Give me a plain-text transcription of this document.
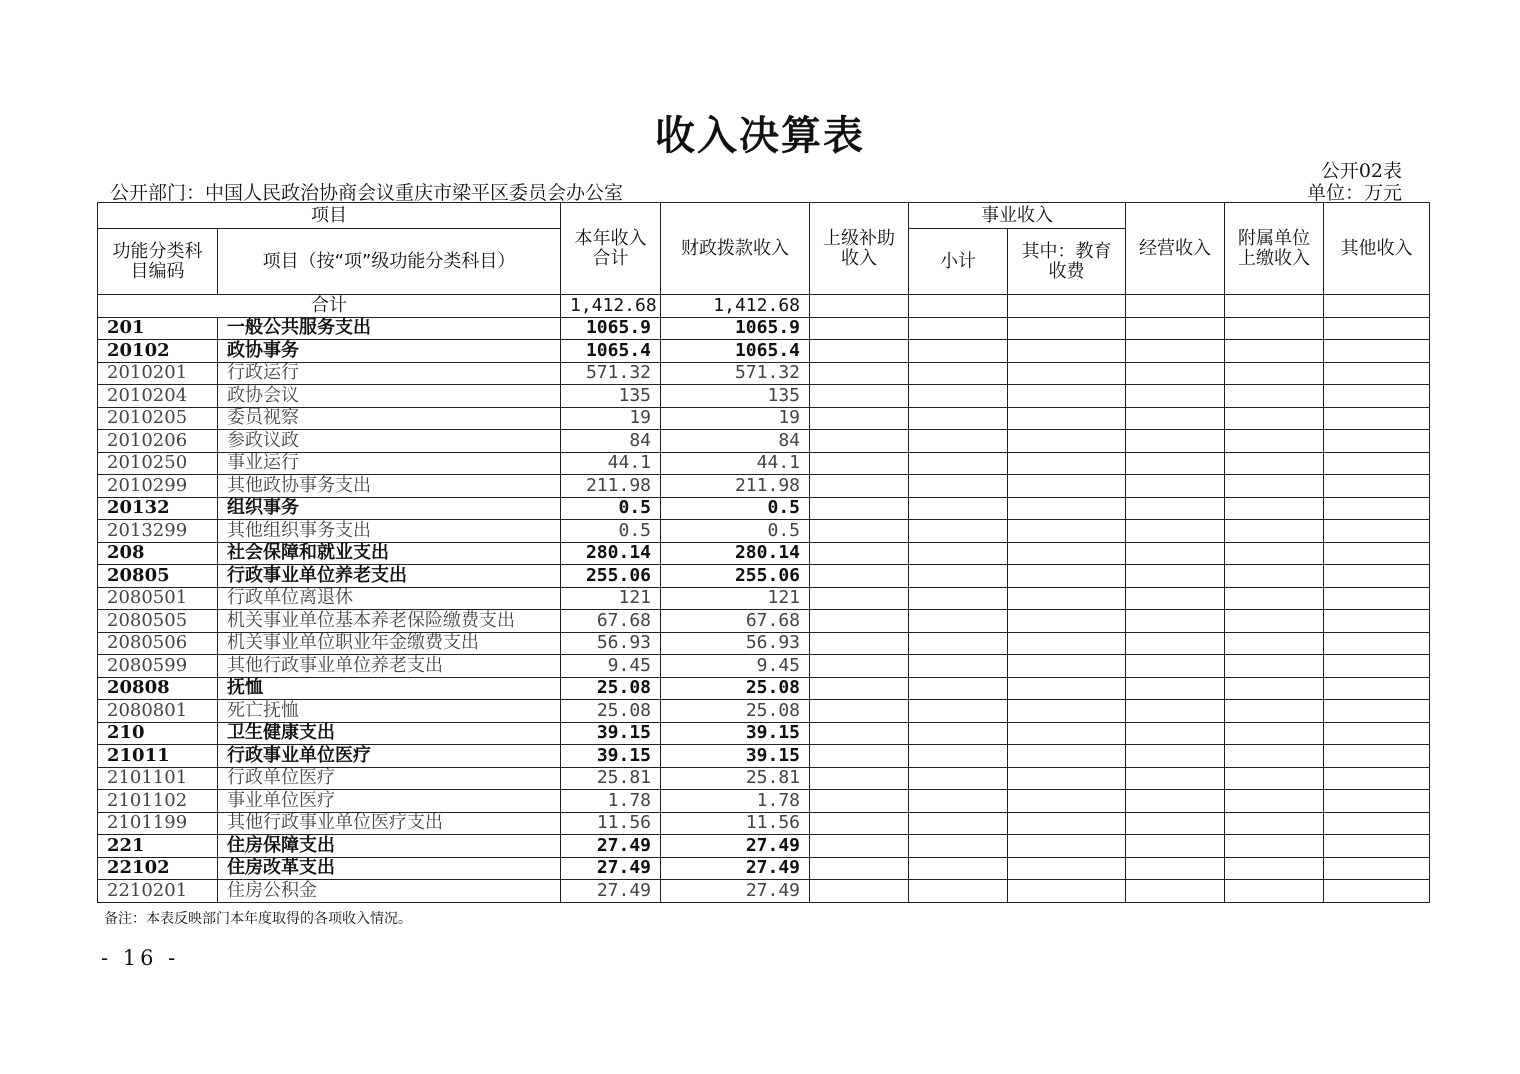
收入决算表
公开02表
公开部门：中国人民政治协商会议重庆市梁平区委员会办公室	单位：万元
项目		本年收入合计	财政拨款收入	上级补助收入	事业收入		经营收入	附属单位上缴收入	其他收入
功能分类科目编码	项目（按“项”级功能分类科目）				小计	其中：教育收费			
合计		1,412.68	1,412.68						
201	一般公共服务支出	1065.9	1065.9						
20102	政协事务	1065.4	1065.4						
2010201	行政运行	571.32	571.32						
2010204	政协会议	135	135						
2010205	委员视察	19	19						
2010206	参政议政	84	84						
2010250	事业运行	44.1	44.1						
2010299	其他政协事务支出	211.98	211.98						
20132	组织事务	0.5	0.5						
2013299	其他组织事务支出	0.5	0.5						
208	社会保障和就业支出	280.14	280.14						
20805	行政事业单位养老支出	255.06	255.06						
2080501	行政单位离退休	121	121						
2080505	机关事业单位基本养老保险缴费支出	67.68	67.68						
2080506	机关事业单位职业年金缴费支出	56.93	56.93						
2080599	其他行政事业单位养老支出	9.45	9.45						
20808	抚恤	25.08	25.08						
2080801	死亡抚恤	25.08	25.08						
210	卫生健康支出	39.15	39.15						
21011	行政事业单位医疗	39.15	39.15						
2101101	行政单位医疗	25.81	25.81						
2101102	事业单位医疗	1.78	1.78						
2101199	其他行政事业单位医疗支出	11.56	11.56						
221	住房保障支出	27.49	27.49						
22102	住房改革支出	27.49	27.49						
2210201	住房公积金	27.49	27.49						
备注：本表反映部门本年度取得的各项收入情况。
- 16 -
